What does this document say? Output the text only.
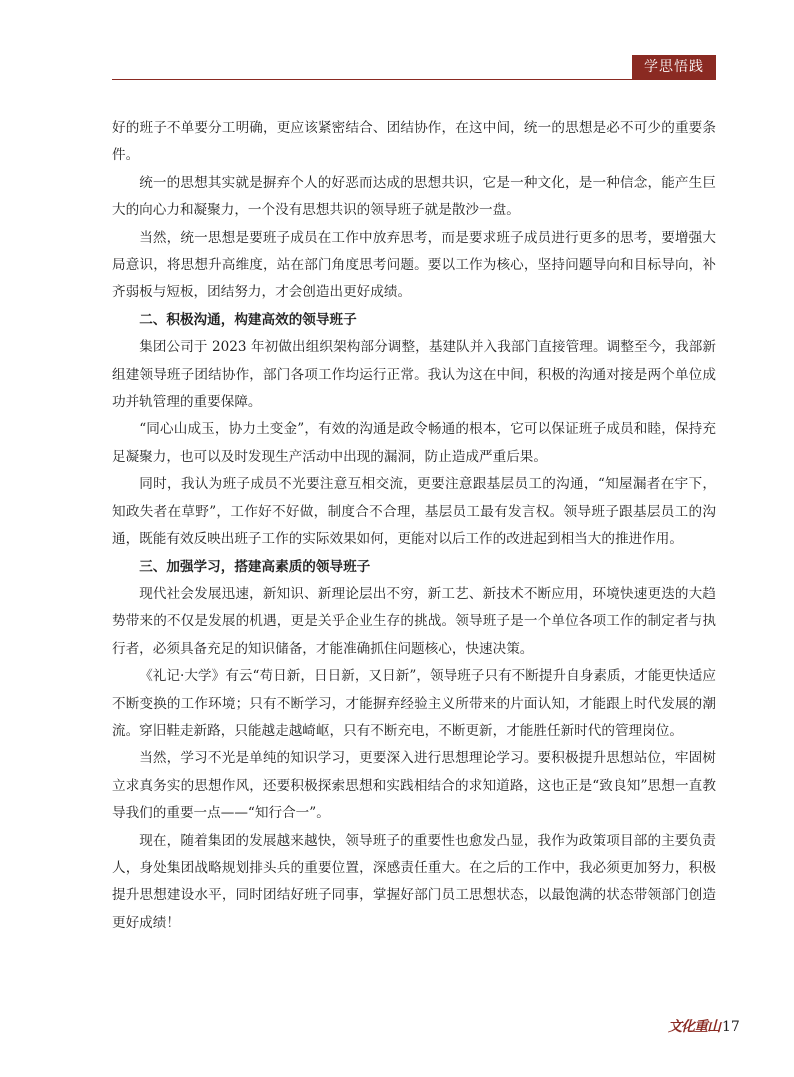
学思悟践

好的班子不单要分工明确，更应该紧密结合、团结协作，在这中间，统一的思想是必不可少的重要条件。

统一的思想其实就是摒弃个人的好恶而达成的思想共识，它是一种文化，是一种信念，能产生巨大的向心力和凝聚力，一个没有思想共识的领导班子就是散沙一盘。

当然，统一思想是要班子成员在工作中放弃思考，而是要求班子成员进行更多的思考，要增强大局意识，将思想升高维度，站在部门角度思考问题。要以工作为核心，坚持问题导向和目标导向，补齐弱板与短板，团结努力，才会创造出更好成绩。

二、积极沟通，构建高效的领导班子

集团公司于 2023 年初做出组织架构部分调整，基建队并入我部门直接管理。调整至今，我部新组建领导班子团结协作，部门各项工作均运行正常。我认为这在中间，积极的沟通对接是两个单位成功并轨管理的重要保障。

“同心山成玉，协力土变金”，有效的沟通是政令畅通的根本，它可以保证班子成员和睦，保持充足凝聚力，也可以及时发现生产活动中出现的漏洞，防止造成严重后果。

同时，我认为班子成员不光要注意互相交流，更要注意跟基层员工的沟通，“知屋漏者在宇下，知政失者在草野”，工作好不好做，制度合不合理，基层员工最有发言权。领导班子跟基层员工的沟通，既能有效反映出班子工作的实际效果如何，更能对以后工作的改进起到相当大的推进作用。

三、加强学习，搭建高素质的领导班子

现代社会发展迅速，新知识、新理论层出不穷，新工艺、新技术不断应用，环境快速更迭的大趋势带来的不仅是发展的机遇，更是关乎企业生存的挑战。领导班子是一个单位各项工作的制定者与执行者，必须具备充足的知识储备，才能准确抓住问题核心，快速决策。

《礼记·大学》有云“苟日新，日日新，又日新”，领导班子只有不断提升自身素质，才能更快适应不断变换的工作环境；只有不断学习，才能摒弃经验主义所带来的片面认知，才能跟上时代发展的潮流。穿旧鞋走新路，只能越走越崎岖，只有不断充电，不断更新，才能胜任新时代的管理岗位。

当然，学习不光是单纯的知识学习，更要深入进行思想理论学习。要积极提升思想站位，牢固树立求真务实的思想作风，还要积极探索思想和实践相结合的求知道路，这也正是“致良知”思想一直教导我们的重要一点——“知行合一”。

现在，随着集团的发展越来越快，领导班子的重要性也愈发凸显，我作为政策项目部的主要负责人，身处集团战略规划排头兵的重要位置，深感责任重大。在之后的工作中，我必须更加努力，积极提升思想建设水平，同时团结好班子同事，掌握好部门员工思想状态，以最饱满的状态带领部门创造更好成绩！

文化重山 17
